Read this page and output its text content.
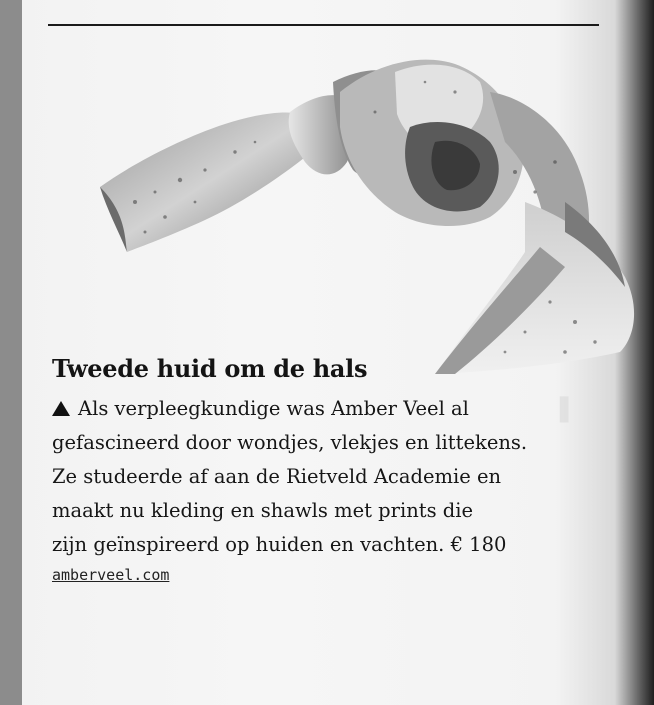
▌
Tweede huid om de hals
Als verpleegkundige was Amber Veel al
gefascineerd door wondjes, vlekjes en littekens.
Ze studeerde af aan de Rietveld Academie en
maakt nu kleding en shawls met prints die
zijn geïnspireerd op huiden en vachten. € 180
amberveel.com
